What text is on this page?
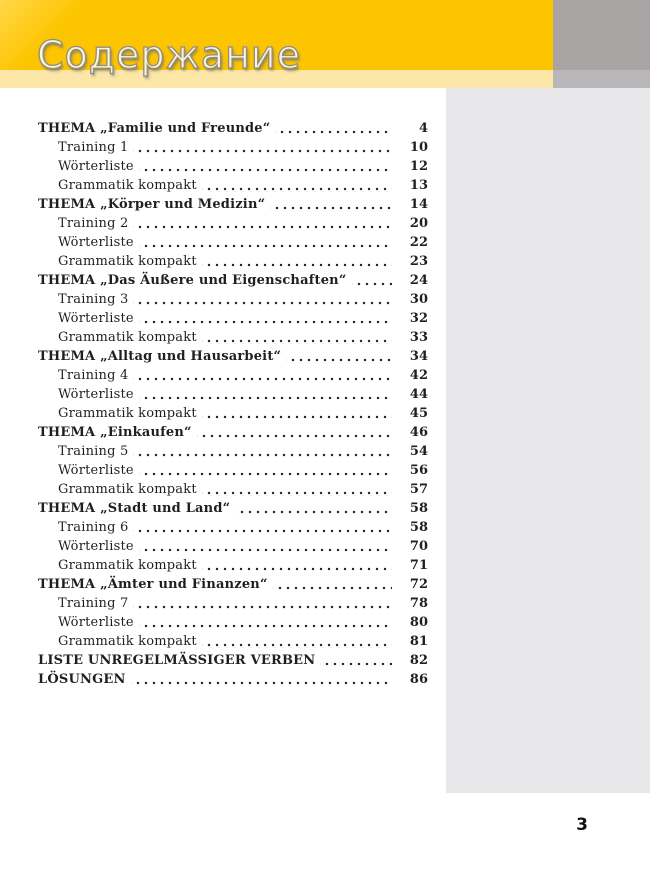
Содержание
THEMA „Familie und Freunde“	4
Training 1	10
Wörterliste	12
Grammatik kompakt	13
THEMA „Körper und Medizin“	14
Training 2	20
Wörterliste	22
Grammatik kompakt	23
THEMA „Das Äußere und Eigenschaften“	24
Training 3	30
Wörterliste	32
Grammatik kompakt	33
THEMA „Alltag und Hausarbeit“	34
Training 4	42
Wörterliste	44
Grammatik kompakt	45
THEMA „Einkaufen“	46
Training 5	54
Wörterliste	56
Grammatik kompakt	57
THEMA „Stadt und Land“	58
Training 6	58
Wörterliste	70
Grammatik kompakt	71
THEMA „Ämter und Finanzen“	72
Training 7	78
Wörterliste	80
Grammatik kompakt	81
LISTE UNREGELMÄSSIGER VERBEN	82
LÖSUNGEN	86
3
